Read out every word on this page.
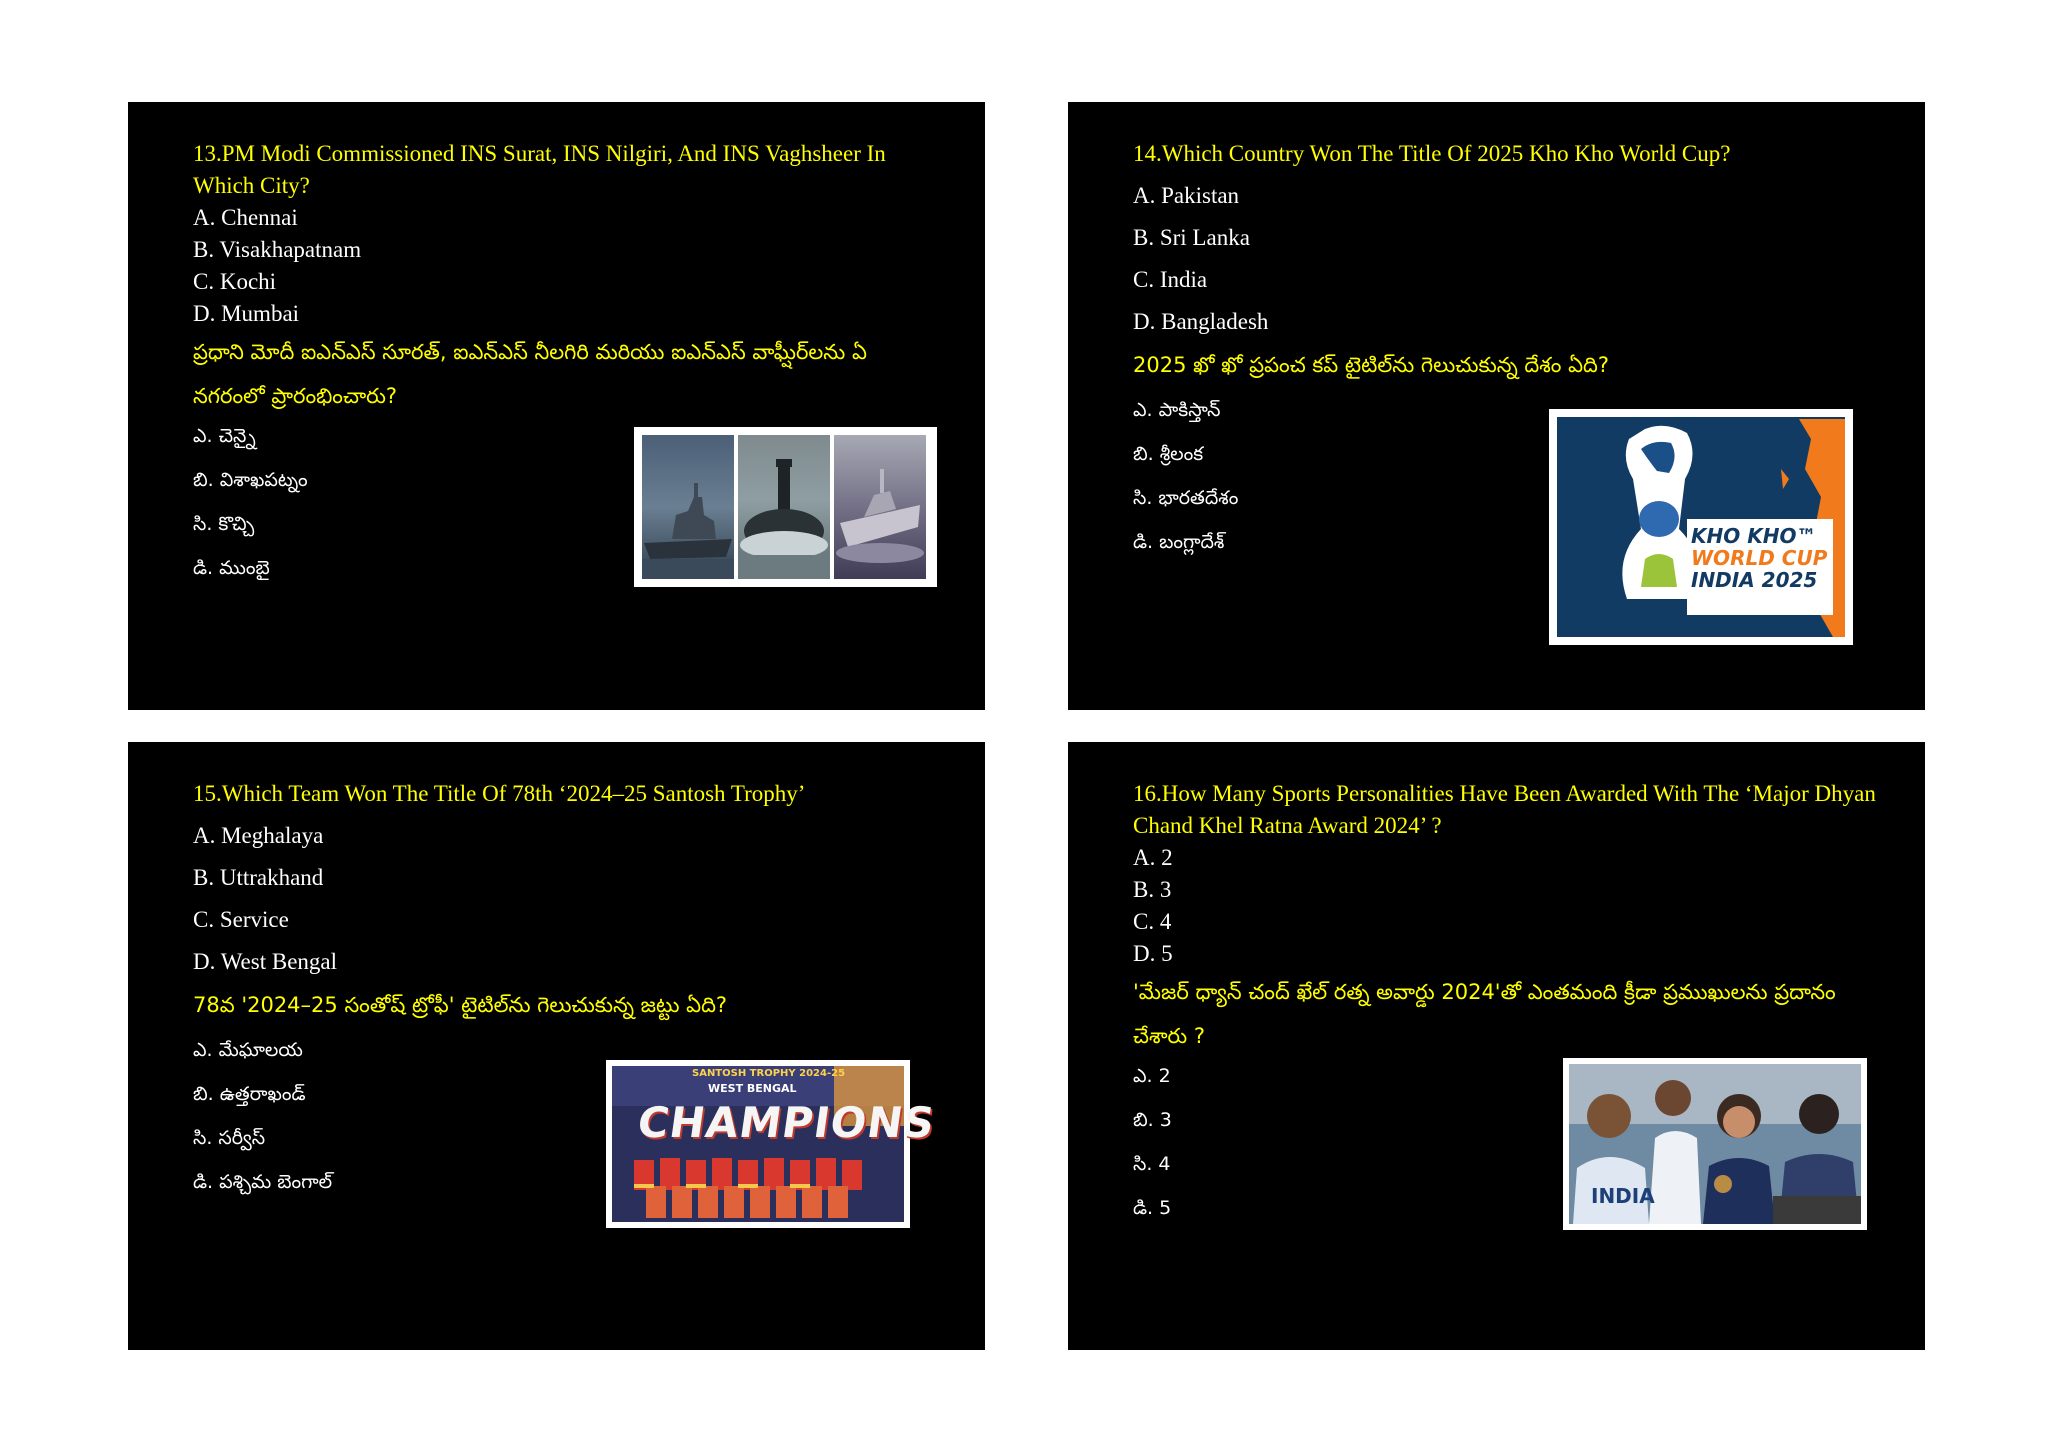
13.PM Modi Commissioned INS Surat, INS Nilgiri, And INS Vaghsheer In Which City?
A. Chennai
B. Visakhapatnam
C. Kochi
D. Mumbai
ప్రధాని మోదీ ఐఎన్ఎస్ సూరత్, ఐఎన్ఎస్ నీలగిరి మరియు ఐఎన్ఎస్ వాఘ్షీర్‌లను ఏ నగరంలో ప్రారంభించారు?
ఎ. చెన్నై
బి. విశాఖపట్నం
సి. కొచ్చి
డి. ముంబై
14.Which Country Won The Title Of 2025 Kho Kho World Cup?
A. Pakistan
B. Sri Lanka
C. India
D. Bangladesh
2025 ఖో ఖో ప్రపంచ కప్ టైటిల్‌ను గెలుచుకున్న దేశం ఏది?
ఎ. పాకిస్తాన్
బి. శ్రీలంక
సి. భారతదేశం
డి. బంగ్లాదేశ్	KHO KHO™
WORLD CUP
INDIA 2025
15.Which Team Won The Title Of 78th ‘2024–25 Santosh Trophy’
A. Meghalaya
B. Uttrakhand
C. Service
D. West Bengal
78వ '2024–25 సంతోష్ ట్రోఫీ' టైటిల్‌ను గెలుచుకున్న జట్టు ఏది?
ఎ. మేఘాలయ
బి. ఉత్తరాఖండ్
సి. సర్వీస్
డి. పశ్చిమ బెంగాల్
SANTOSH TROPHY 2024-25
WEST BENGAL
CHAMPIONS
16.How Many Sports Personalities Have Been Awarded With The ‘Major Dhyan Chand Khel Ratna Award 2024’ ?
A. 2
B. 3
C. 4
D. 5
'మేజర్ ధ్యాన్ చంద్ ఖేల్ రత్న అవార్డు 2024'తో ఎంతమంది క్రీడా ప్రముఖులను ప్రదానం చేశారు ?
ఎ. 2
బి. 3
సి. 4
డి. 5	INDIA
